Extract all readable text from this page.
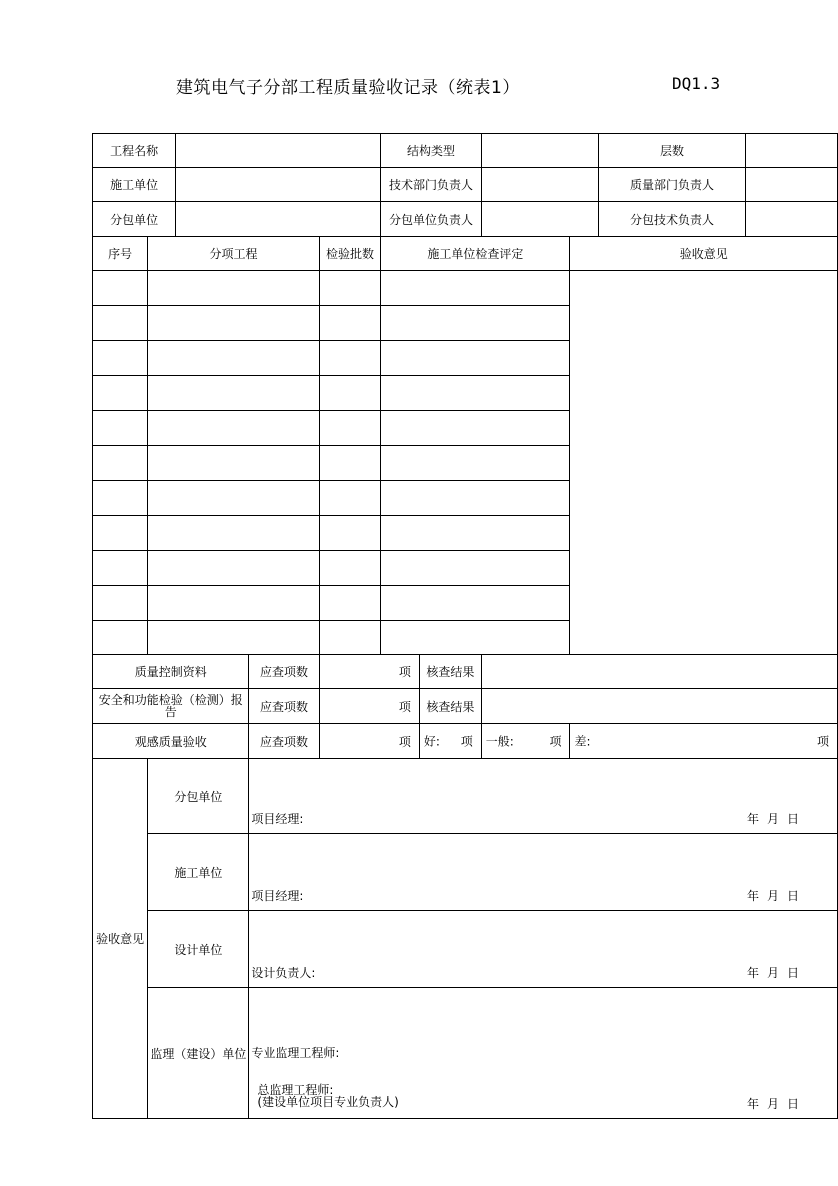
建筑电气子分部工程质量验收记录（统表1）	DQ1.3
工程名称					结构类型				层数	
施工单位					技术部门负责人				质量部门负责人	
分包单位					分包单位负责人				分包技术负责人	
序号	分项工程			检验批数	施工单位检查评定			验收意见		

质量控制资料			应查项数	项		核查结果				
安全和功能检验（检测）报告			应查项数	项		核查结果				
观感质量验收			应查项数	项		好: 项	一般: 项	差: 项		

验收意见	分包单位		项目经理: 年月日							

	施工单位		项目经理: 年月日							

	设计单位		设计负责人: 年月日							

	监理（建设）单位		专业监理工程师:
总监理工程师:
(建设单位项目专业负责人) 年月日							
